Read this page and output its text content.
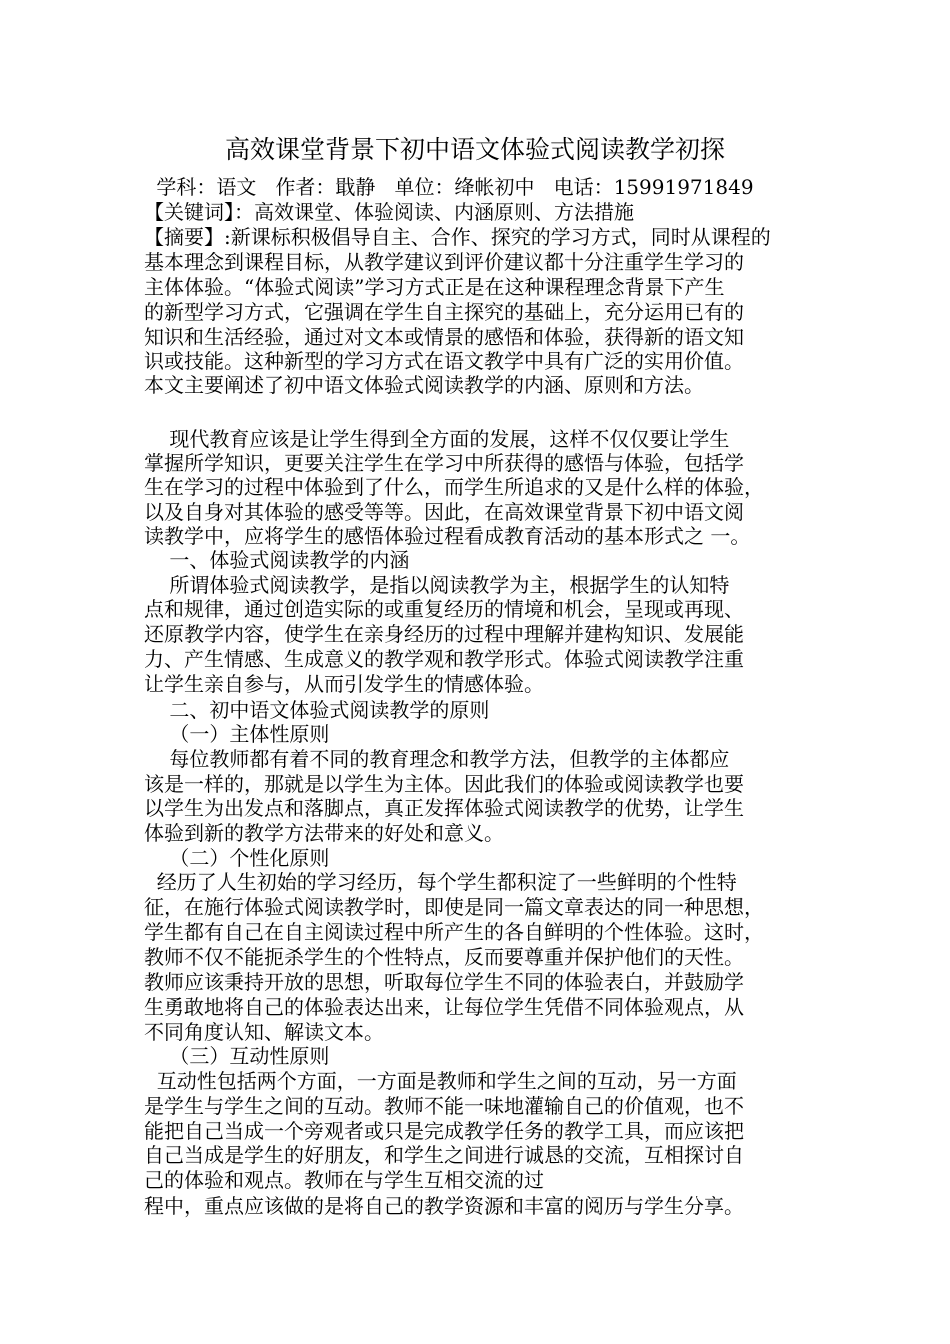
高效课堂背景下初中语文体验式阅读教学初探
学科：语文   作者：戢静   单位：绛帐初中   电话：15991971849
【关键词】：高效课堂、体验阅读、内涵原则、方法措施
【摘要】:新课标积极倡导自主、合作、探究的学习方式，同时从课程的
基本理念到课程目标，从教学建议到评价建议都十分注重学生学习的
主体体验。“体验式阅读”学习方式正是在这种课程理念背景下产生
的新型学习方式，它强调在学生自主探究的基础上，充分运用已有的
知识和生活经验，通过对文本或情景的感悟和体验，获得新的语文知
识或技能。这种新型的学习方式在语文教学中具有广泛的实用价值。
本文主要阐述了初中语文体验式阅读教学的内涵、原则和方法。
现代教育应该是让学生得到全方面的发展，这样不仅仅要让学生
掌握所学知识，更要关注学生在学习中所获得的感悟与体验，包括学
生在学习的过程中体验到了什么，而学生所追求的又是什么样的体验，
以及自身对其体验的感受等等。因此，在高效课堂背景下初中语文阅
读教学中，应将学生的感悟体验过程看成教育活动的基本形式之 一。
一、体验式阅读教学的内涵
所谓体验式阅读教学，是指以阅读教学为主，根据学生的认知特
点和规律，通过创造实际的或重复经历的情境和机会，呈现或再现、
还原教学内容，使学生在亲身经历的过程中理解并建构知识、发展能
力、产生情感、生成意义的教学观和教学形式。体验式阅读教学注重
让学生亲自参与，从而引发学生的情感体验。
二、初中语文体验式阅读教学的原则
（一）主体性原则
每位教师都有着不同的教育理念和教学方法，但教学的主体都应
该是一样的，那就是以学生为主体。因此我们的体验或阅读教学也要
以学生为出发点和落脚点，真正发挥体验式阅读教学的优势，让学生
体验到新的教学方法带来的好处和意义。
（二）个性化原则
经历了人生初始的学习经历，每个学生都积淀了一些鲜明的个性特
征，在施行体验式阅读教学时，即使是同一篇文章表达的同一种思想，
学生都有自己在自主阅读过程中所产生的各自鲜明的个性体验。这时，
教师不仅不能扼杀学生的个性特点，反而要尊重并保护他们的天性。
教师应该秉持开放的思想，听取每位学生不同的体验表白，并鼓励学
生勇敢地将自己的体验表达出来，让每位学生凭借不同体验观点，从
不同角度认知、解读文本。
（三）互动性原则
互动性包括两个方面，一方面是教师和学生之间的互动，另一方面
是学生与学生之间的互动。教师不能一味地灌输自己的价值观，也不
能把自己当成一个旁观者或只是完成教学任务的教学工具，而应该把
自己当成是学生的好朋友，和学生之间进行诚恳的交流，互相探讨自
己的体验和观点。教师在与学生互相交流的过
程中，重点应该做的是将自己的教学资源和丰富的阅历与学生分享。
